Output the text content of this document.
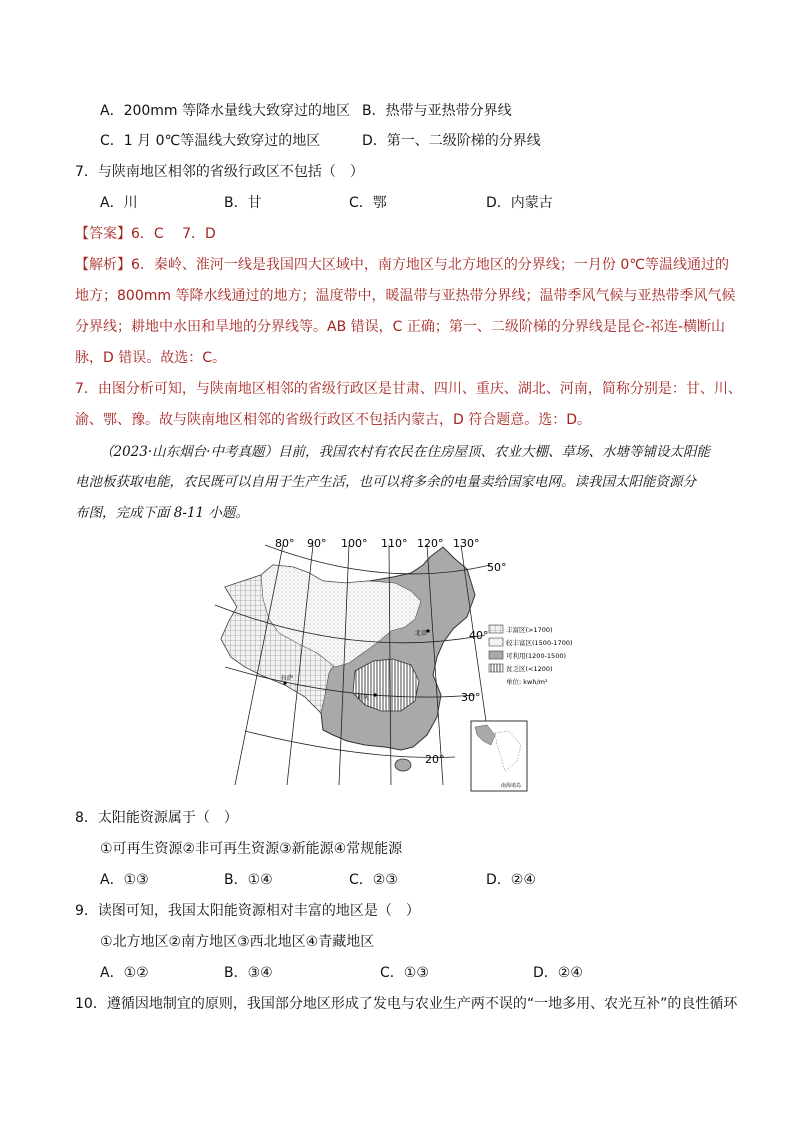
A．200mm 等降水量线大致穿过的地区 B．热带与亚热带分界线
C．1 月 0℃等温线大致穿过的地区	D．第一、二级阶梯的分界线
7．与陕南地区相邻的省级行政区不包括（　）
A．川	B．甘	C．鄂	D．内蒙古
【答案】6．C　 7．D
【解析】6．秦岭、淮河一线是我国四大区域中，南方地区与北方地区的分界线；一月份 0℃等温线通过的
地方；800mm 等降水线通过的地方；温度带中，暖温带与亚热带分界线；温带季风气候与亚热带季风气候
分界线；耕地中水田和旱地的分界线等。AB 错误，C 正确；第一、二级阶梯的分界线是昆仑-祁连-横断山
脉，D 错误。故选：C。
7．由图分析可知，与陕南地区相邻的省级行政区是甘肃、四川、重庆、湖北、河南，简称分别是：甘、川、
渝、鄂、豫。故与陕南地区相邻的省级行政区不包括内蒙古，D 符合题意。选：D。
（2023·山东烟台·中考真题）目前，我国农村有农民在住房屋顶、农业大棚、草场、水塘等铺设太阳能
电池板获取电能，农民既可以自用于生产生活，也可以将多余的电量卖给国家电网。读我国太阳能资源分
布图，完成下面 8-11 小题。
80° 90° 100° 110° 120° 130°
50°
40°
30°
20°
北京
拉萨
重庆
丰富区(>1700)
较丰富区(1500-1700)
可利用(1200-1500)
贫乏区(<1200)
单位: kwh/m²
南海诸岛
8．太阳能资源属于（　）
①可再生资源②非可再生资源③新能源④常规能源
A．①③	B．①④	C．②③	D．②④
9．读图可知，我国太阳能资源相对丰富的地区是（　）
①北方地区②南方地区③西北地区④青藏地区
A．①②	B．③④	C．①③	D．②④
10．遵循因地制宜的原则，我国部分地区形成了发电与农业生产两不误的“一地多用、农光互补”的良性循环
